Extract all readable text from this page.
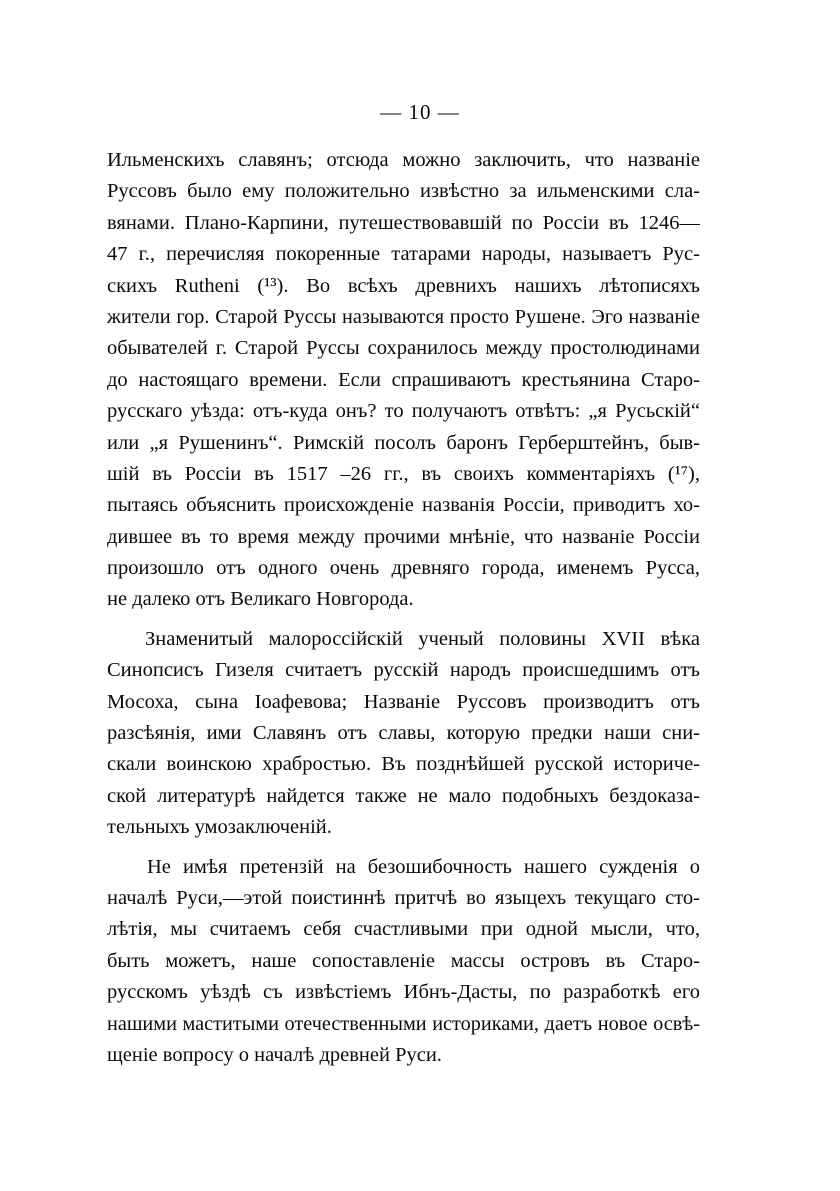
— 10 —
Ильменскихъ славянъ; отсюда можно заключить, что названіе
Руссовъ было ему положительно извѣстно за ильменскими сла-
вянами. Плано-Карпини, путешествовавшій по Россіи въ 1246—
47 г., перечисляя покоренные татарами народы, называетъ Рус-
скихъ Ruthеni (¹³). Во всѣхъ древнихъ нашихъ лѣтописяхъ
жители гор. Старой Руссы называются просто Рушене. Эго названіе
обывателей г. Старой Руссы сохранилось между простолюдинами
до настоящаго времени. Если спрашиваютъ крестьянина Старо-
русскаго уѣзда: отъ-куда онъ? то получаютъ отвѣтъ: „я Русьскій“
или „я Рушенинъ“. Римскій посолъ баронъ Герберштейнъ, быв-
шій въ Россіи въ 1517 –26 гг., въ своихъ комментаріяхъ (¹⁷),
пытаясь объяснить происхожденіе названія Россіи, приводитъ хо-
дившее въ то время между прочими мнѣніе, что названіе Россіи
произошло отъ одного очень древняго города, именемъ Русса,
не далеко отъ Великаго Новгорода.
Знаменитый малороссійскій ученый половины XVII вѣка
Синопсисъ Гизеля считаетъ русскій народъ происшедшимъ отъ
Мосоха, сына Іоафевова; Названіе Руссовъ производитъ отъ
разсѣянія, ими Славянъ отъ славы, которую предки наши сни-
скали воинскою храбростью. Въ позднѣйшей русской историче-
ской литературѣ найдется также не мало подобныхъ бездоказа-
тельныхъ умозаключеній.
Не имѣя претензій на безошибочность нашего сужденія о
началѣ Руси,—этой поистиннѣ притчѣ во языцехъ текущаго сто-
лѣтія, мы считаемъ себя счастливыми при одной мысли, что,
быть можетъ, наше сопоставленіе массы островъ въ Старо-
русскомъ уѣздѣ съ извѣстіемъ Ибнъ-Дасты, по разработкѣ его
нашими маститыми отечественными историками, даетъ новое освѣ-
щеніе вопросу о началѣ древней Руси.
